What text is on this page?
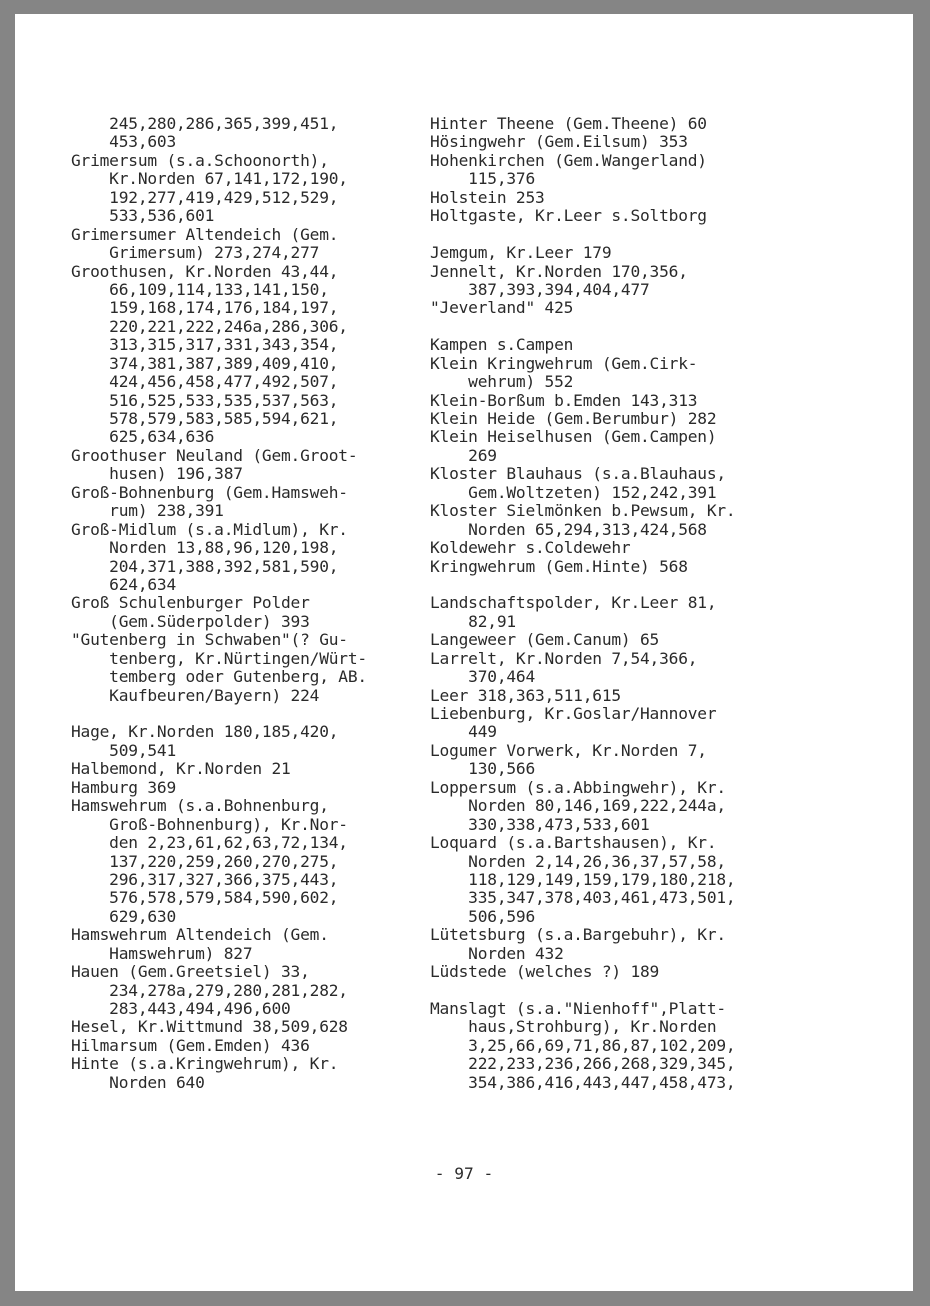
245,280,286,365,399,451,
453,603
Grimersum (s.a.Schoonorth),
Kr.Norden 67,141,172,190,
192,277,419,429,512,529,
533,536,601
Grimersumer Altendeich (Gem.
Grimersum) 273,274,277
Groothusen, Kr.Norden 43,44,
66,109,114,133,141,150,
159,168,174,176,184,197,
220,221,222,246a,286,306,
313,315,317,331,343,354,
374,381,387,389,409,410,
424,456,458,477,492,507,
516,525,533,535,537,563,
578,579,583,585,594,621,
625,634,636
Groothuser Neuland (Gem.Groot-
husen) 196,387
Groß-Bohnenburg (Gem.Hamsweh-
rum) 238,391
Groß-Midlum (s.a.Midlum), Kr.
Norden 13,88,96,120,198,
204,371,388,392,581,590,
624,634
Groß Schulenburger Polder
(Gem.Süderpolder) 393
"Gutenberg in Schwaben"(? Gu-
tenberg, Kr.Nürtingen/Würt-
temberg oder Gutenberg, AB.
Kaufbeuren/Bayern) 224
Hage, Kr.Norden 180,185,420,
509,541
Halbemond, Kr.Norden 21
Hamburg 369
Hamswehrum (s.a.Bohnenburg,
Groß-Bohnenburg), Kr.Nor-
den 2,23,61,62,63,72,134,
137,220,259,260,270,275,
296,317,327,366,375,443,
576,578,579,584,590,602,
629,630
Hamswehrum Altendeich (Gem.
Hamswehrum) 827
Hauen (Gem.Greetsiel) 33,
234,278a,279,280,281,282,
283,443,494,496,600
Hesel, Kr.Wittmund 38,509,628
Hilmarsum (Gem.Emden) 436
Hinte (s.a.Kringwehrum), Kr.
Norden 640
Hinter Theene (Gem.Theene) 60
Hösingwehr (Gem.Eilsum) 353
Hohenkirchen (Gem.Wangerland)
115,376
Holstein 253
Holtgaste, Kr.Leer s.Soltborg
Jemgum, Kr.Leer 179
Jennelt, Kr.Norden 170,356,
387,393,394,404,477
"Jeverland" 425
Kampen s.Campen
Klein Kringwehrum (Gem.Cirk-
wehrum) 552
Klein-Borßum b.Emden 143,313
Klein Heide (Gem.Berumbur) 282
Klein Heiselhusen (Gem.Campen)
269
Kloster Blauhaus (s.a.Blauhaus,
Gem.Woltzeten) 152,242,391
Kloster Sielmönken b.Pewsum, Kr.
Norden 65,294,313,424,568
Koldewehr s.Coldewehr
Kringwehrum (Gem.Hinte) 568
Landschaftspolder, Kr.Leer 81,
82,91
Langeweer (Gem.Canum) 65
Larrelt, Kr.Norden 7,54,366,
370,464
Leer 318,363,511,615
Liebenburg, Kr.Goslar/Hannover
449
Logumer Vorwerk, Kr.Norden 7,
130,566
Loppersum (s.a.Abbingwehr), Kr.
Norden 80,146,169,222,244a,
330,338,473,533,601
Loquard (s.a.Bartshausen), Kr.
Norden 2,14,26,36,37,57,58,
118,129,149,159,179,180,218,
335,347,378,403,461,473,501,
506,596
Lütetsburg (s.a.Bargebuhr), Kr.
Norden 432
Lüdstede (welches ?) 189
Manslagt (s.a."Nienhoff",Platt-
haus,Strohburg), Kr.Norden
3,25,66,69,71,86,87,102,209,
222,233,236,266,268,329,345,
354,386,416,443,447,458,473,
- 97 -
